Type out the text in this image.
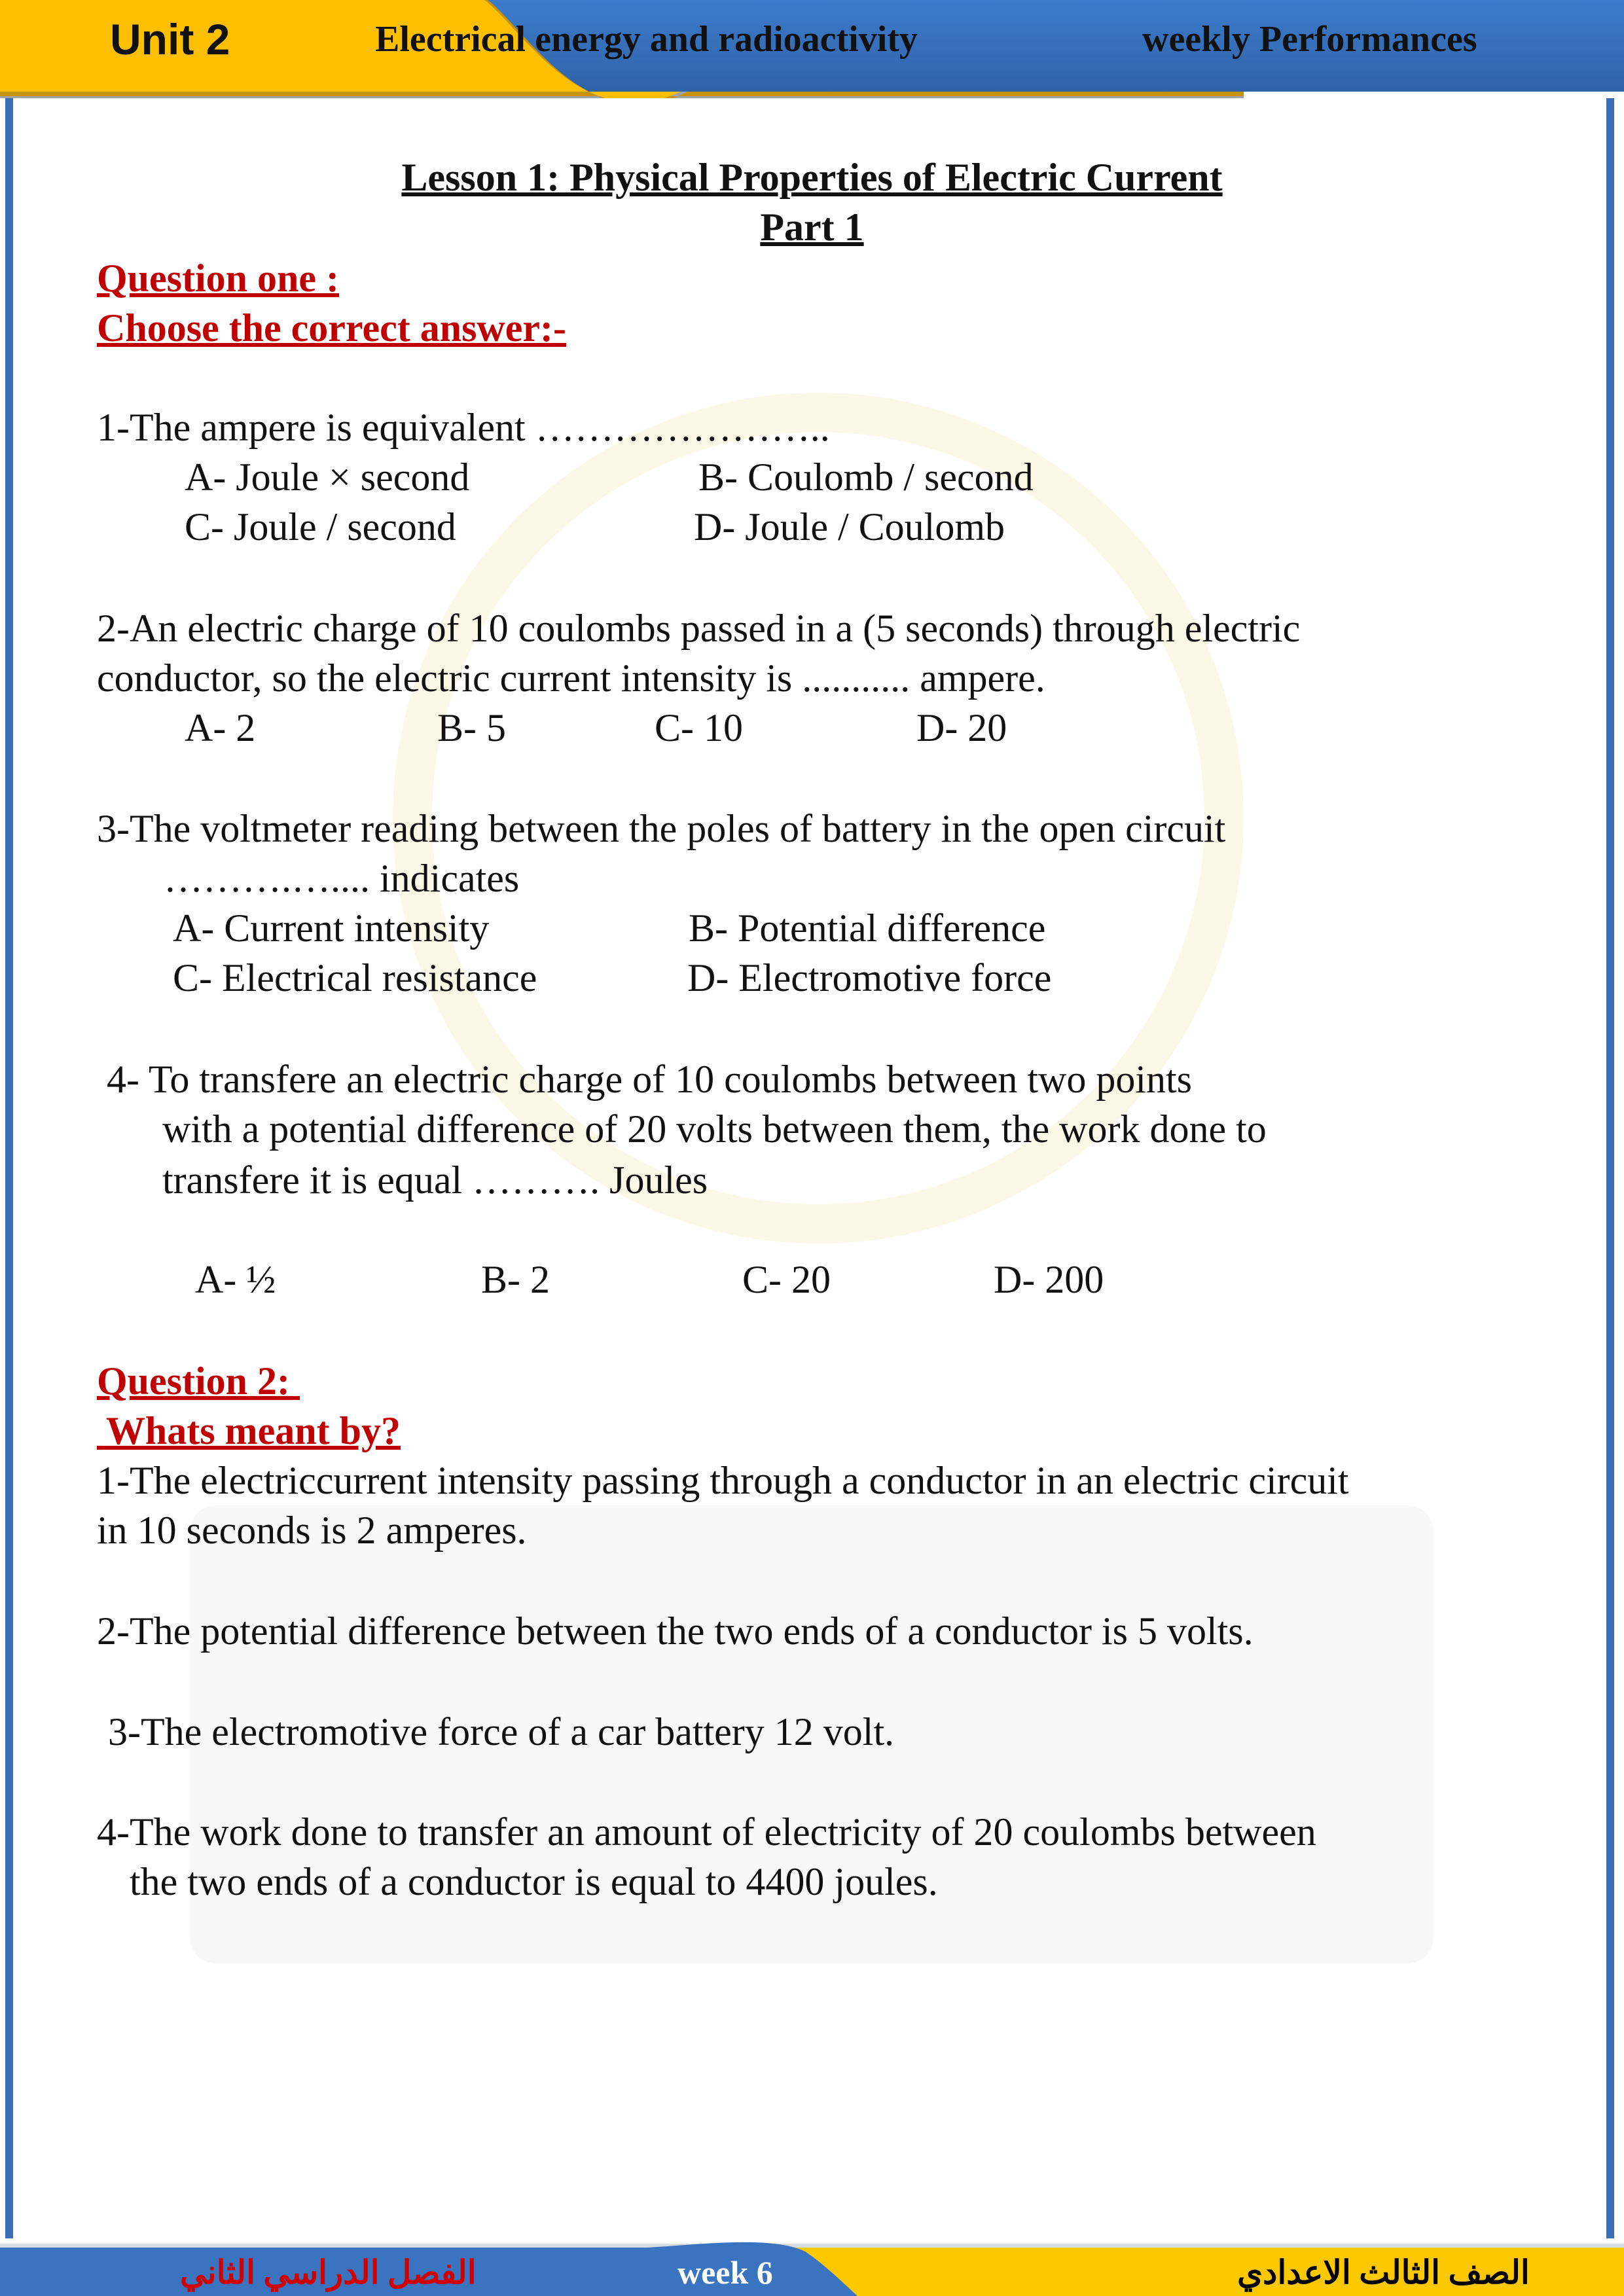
Unit 2	Electrical energy and radioactivity	weekly Performances
Lesson 1: Physical Properties of Electric Current
Part 1
Question one :
Choose the correct answer:-
1-The ampere is equivalent …………………..
A- Joule × second	B- Coulomb / second
C- Joule / second	D- Joule / Coulomb
2-An electric charge of 10 coulombs passed in a (5 seconds) through electric
conductor, so the electric current intensity is ........... ampere.
A- 2	B- 5	C- 10	D- 20
3-The voltmeter reading between the poles of battery in the open circuit
……….….... indicates
A- Current intensity	B- Potential difference
C- Electrical resistance	D- Electromotive force
4- To transfere an electric charge of 10 coulombs between two points
with a potential difference of 20 volts between them, the work done to
transfere it is equal ………. Joules
A- ½	B- 2	C- 20	D- 200
Question 2:
Whats meant by?
1-The electriccurrent intensity passing through a conductor in an electric circuit
in 10 seconds is 2 amperes.
2-The potential difference between the two ends of a conductor is 5 volts.
3-The electromotive force of a car battery 12 volt.
4-The work done to transfer an amount of electricity of 20 coulombs between
the two ends of a conductor is equal to 4400 joules.
الفصل الدراسي الثاني	week 6	الصف الثالث الاعدادي
